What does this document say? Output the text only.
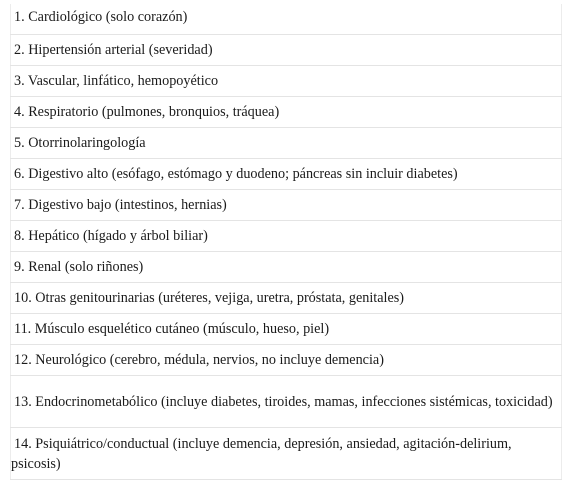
1. Cardiológico (solo corazón)
2. Hipertensión arterial (severidad)
3. Vascular, linfático, hemopoyético
4. Respiratorio (pulmones, bronquios, tráquea)
5. Otorrinolaringología
6. Digestivo alto (esófago, estómago y duodeno; páncreas sin incluir diabetes)
7. Digestivo bajo (intestinos, hernias)
8. Hepático (hígado y árbol biliar)
9. Renal (solo riñones)
10. Otras genitourinarias (uréteres, vejiga, uretra, próstata, genitales)
11. Músculo esquelético cutáneo (músculo, hueso, piel)
12. Neurológico (cerebro, médula, nervios, no incluye demencia)

13. Endocrinometabólico (incluye diabetes, tiroides, mamas, infecciones sistémicas, toxicidad)

14. Psiquiátrico/conductual (incluye demencia, depresión, ansiedad, agitación-delirium, psicosis)
